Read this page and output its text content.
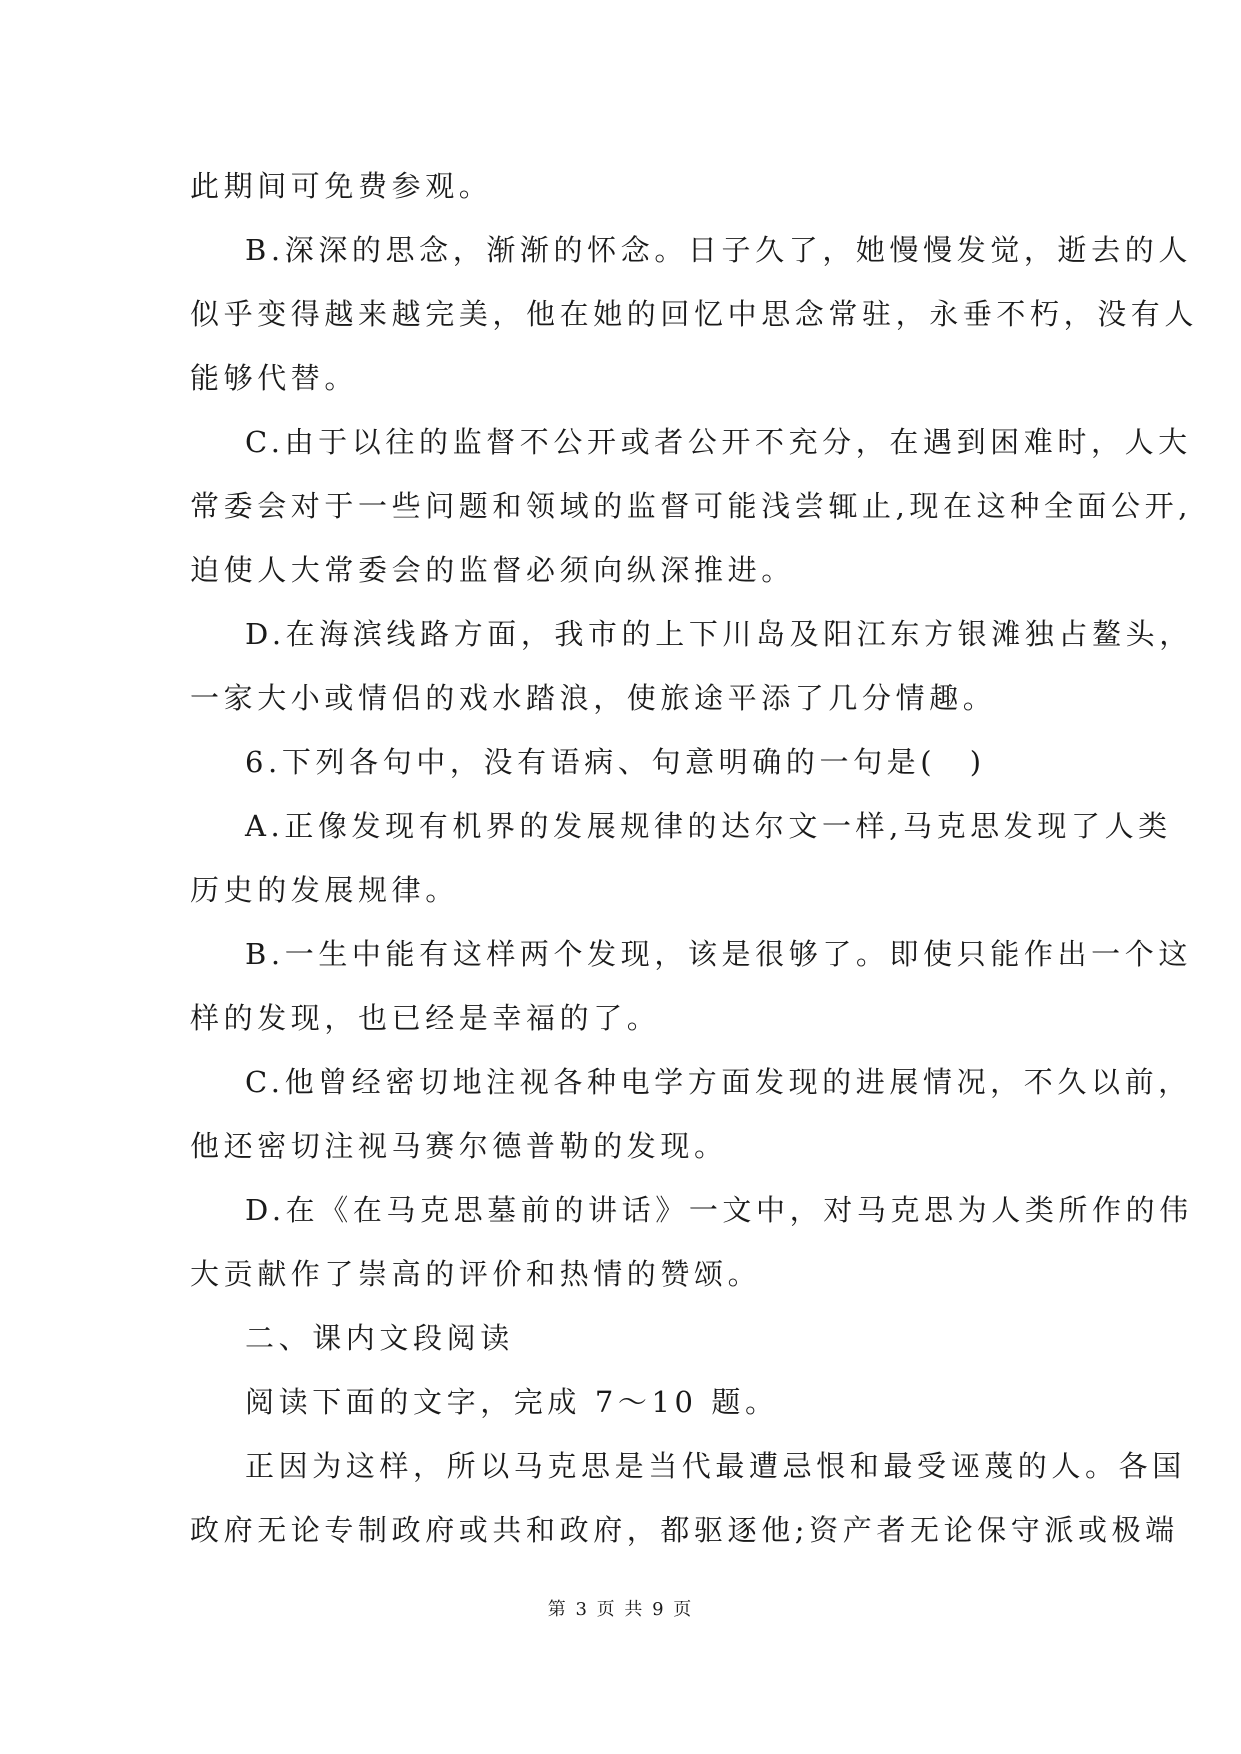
此期间可免费参观。
B.深深的思念，渐渐的怀念。日子久了，她慢慢发觉，逝去的人
似乎变得越来越完美，他在她的回忆中思念常驻，永垂不朽，没有人
能够代替。
C.由于以往的监督不公开或者公开不充分，在遇到困难时，人大
常委会对于一些问题和领域的监督可能浅尝辄止,现在这种全面公开,
迫使人大常委会的监督必须向纵深推进。
D.在海滨线路方面，我市的上下川岛及阳江东方银滩独占鳌头，
一家大小或情侣的戏水踏浪，使旅途平添了几分情趣。
6.下列各句中，没有语病、句意明确的一句是(　)
A.正像发现有机界的发展规律的达尔文一样,马克思发现了人类
历史的发展规律。
B.一生中能有这样两个发现，该是很够了。即使只能作出一个这
样的发现，也已经是幸福的了。
C.他曾经密切地注视各种电学方面发现的进展情况，不久以前，
他还密切注视马赛尔德普勒的发现。
D.在《在马克思墓前的讲话》一文中，对马克思为人类所作的伟
大贡献作了崇高的评价和热情的赞颂。
二、课内文段阅读
阅读下面的文字，完成 7～10 题。
正因为这样，所以马克思是当代最遭忌恨和最受诬蔑的人。各国
政府无论专制政府或共和政府，都驱逐他;资产者无论保守派或极端
第 3 页 共 9 页
